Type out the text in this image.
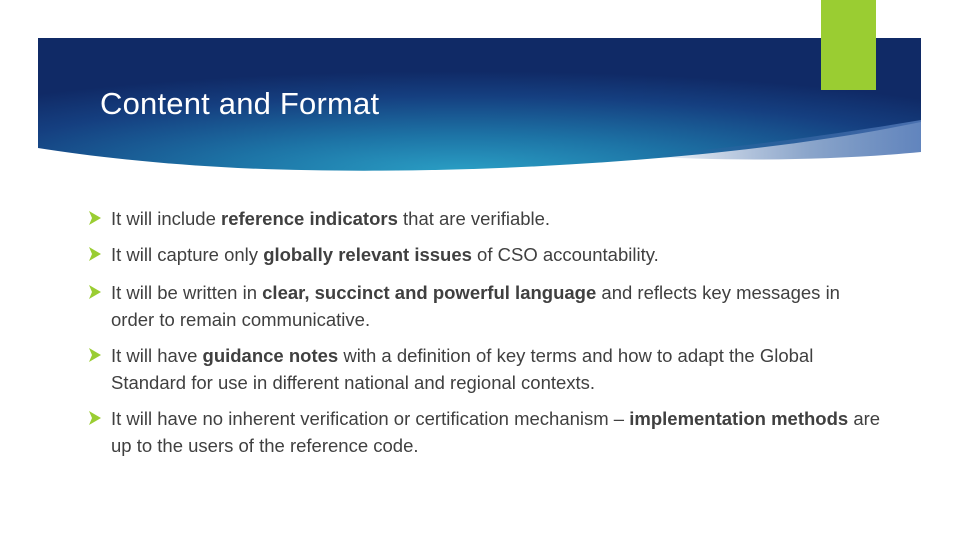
Content and Format
It will include reference indicators that are verifiable.
It will capture only globally relevant issues of CSO accountability.
It will be written in clear, succinct and powerful language and reflects key messages in order to remain communicative.
It will have guidance notes with a definition of key terms and how to adapt the Global Standard for use in different national and regional contexts.
It will have no inherent verification or certification mechanism – implementation methods are up to the users of the reference code.
